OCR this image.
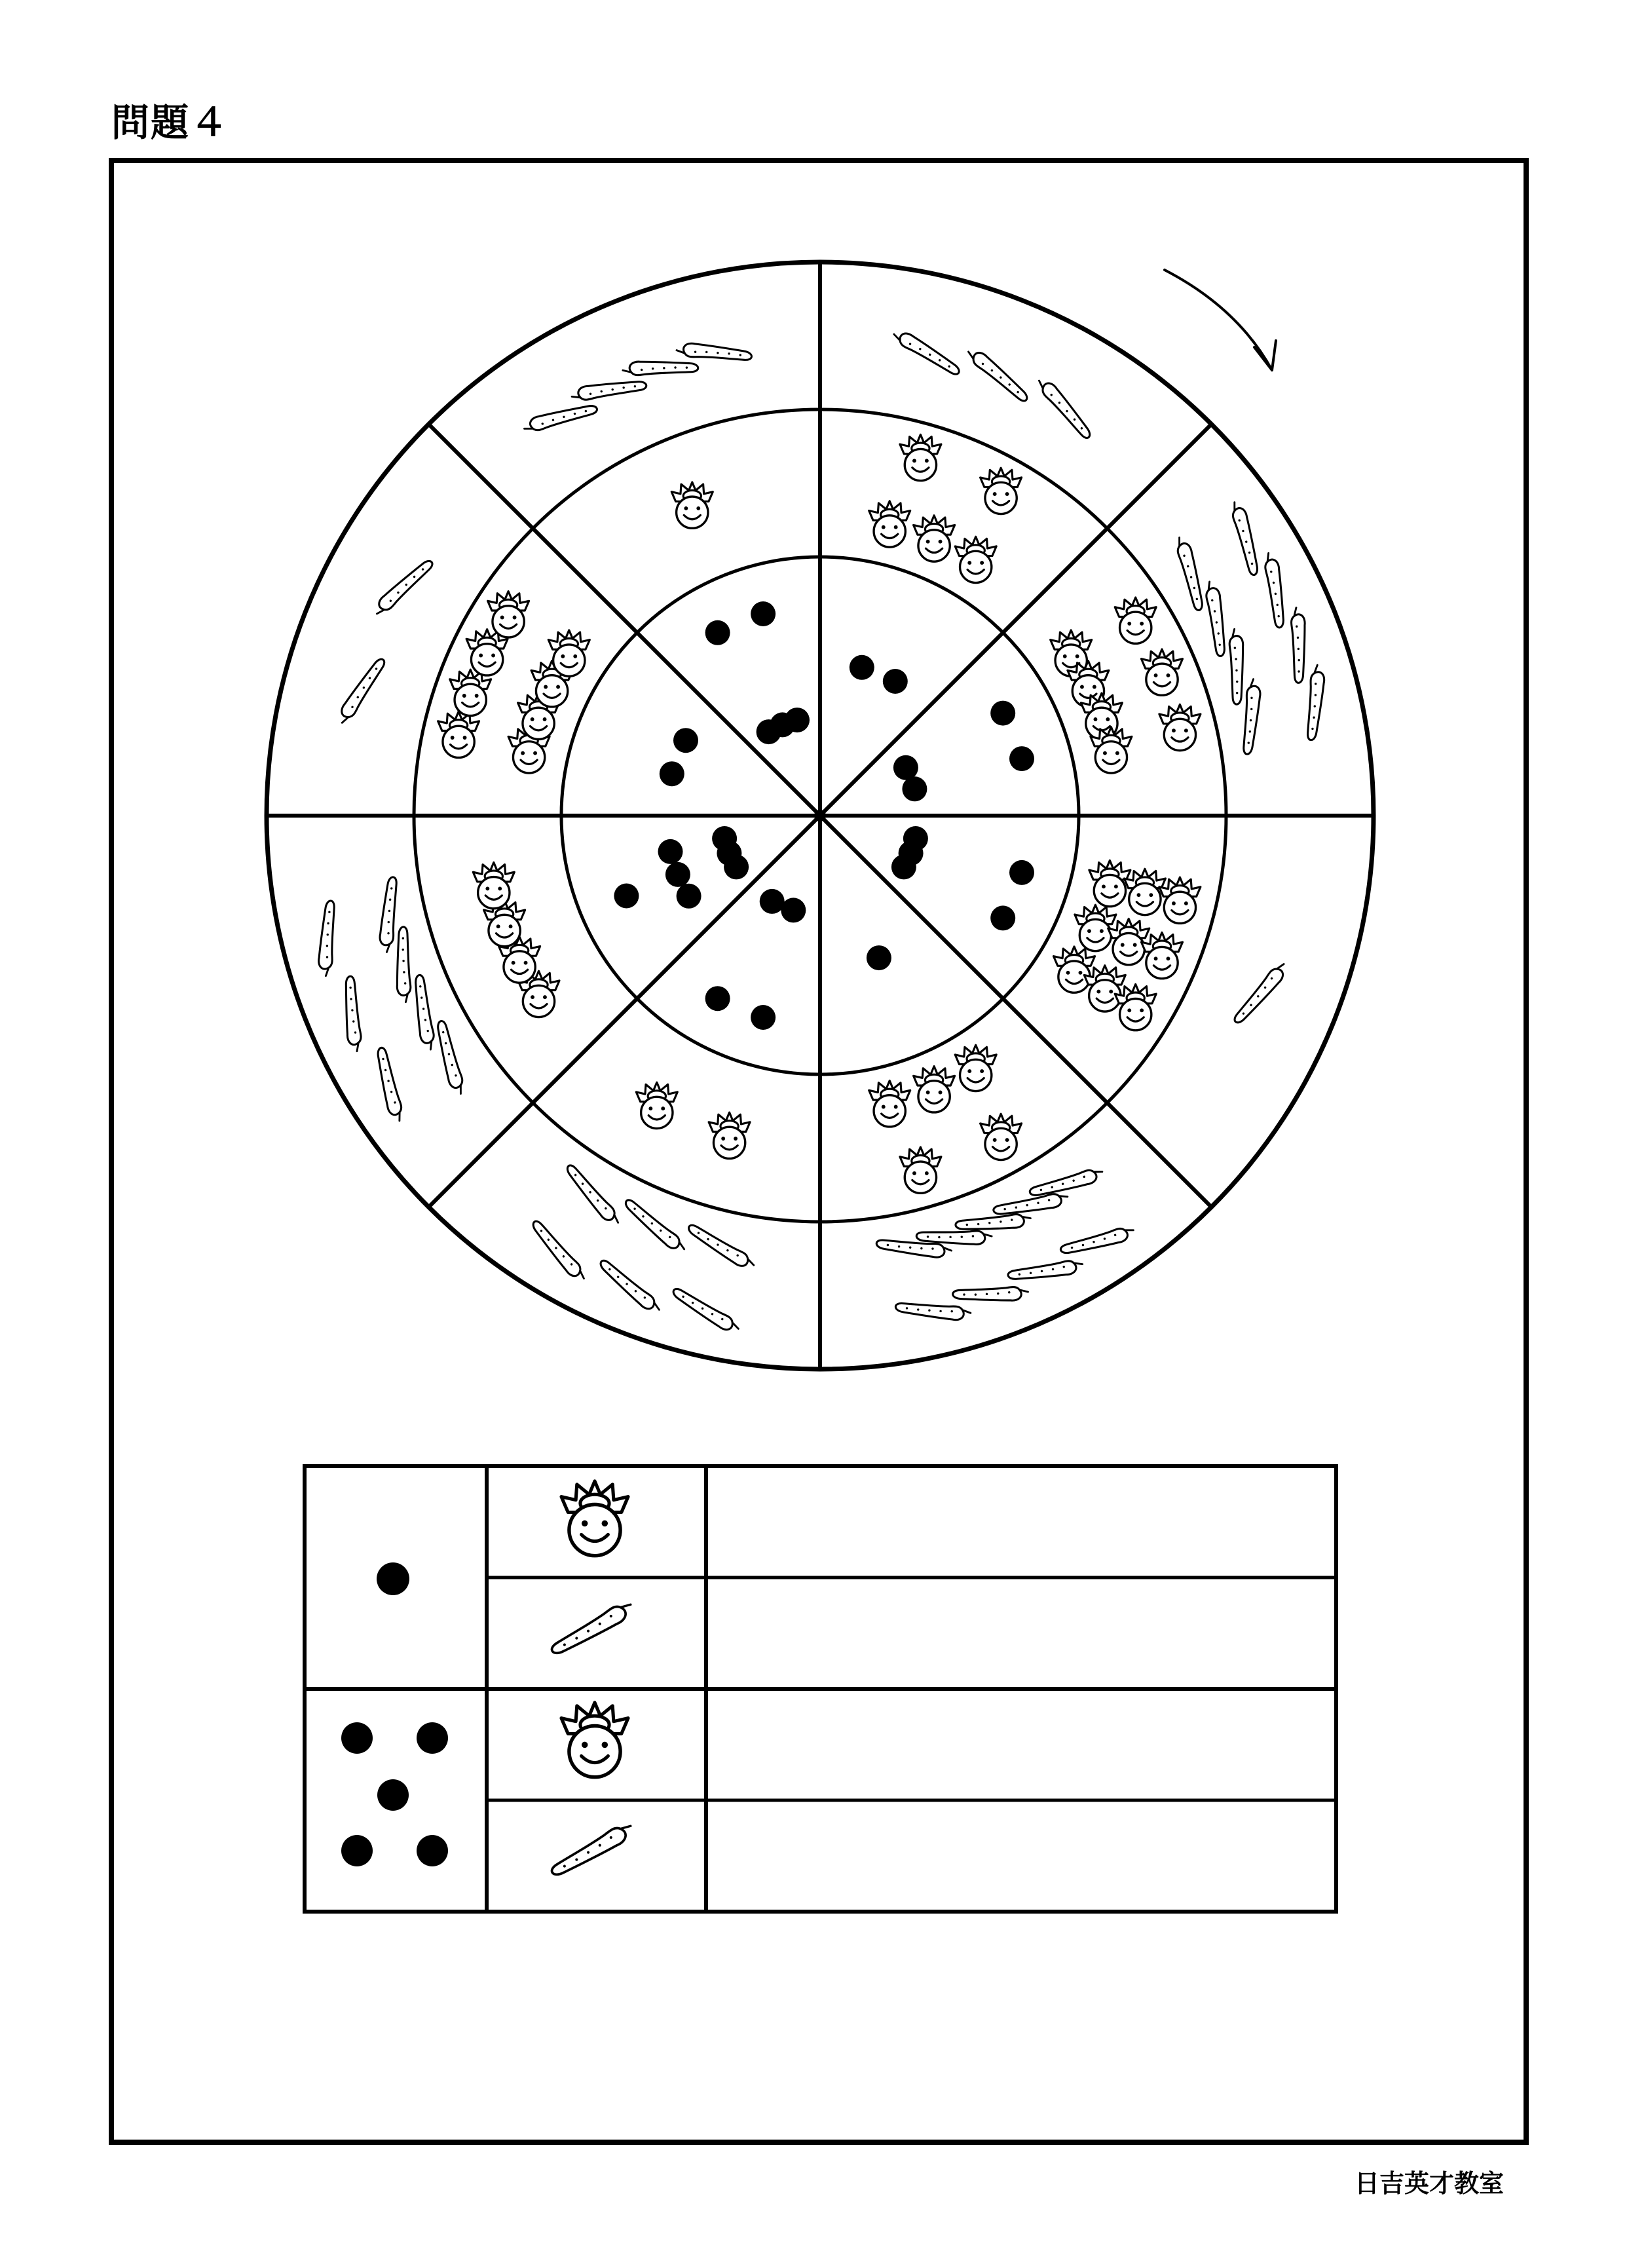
問題４
日吉英才教室
